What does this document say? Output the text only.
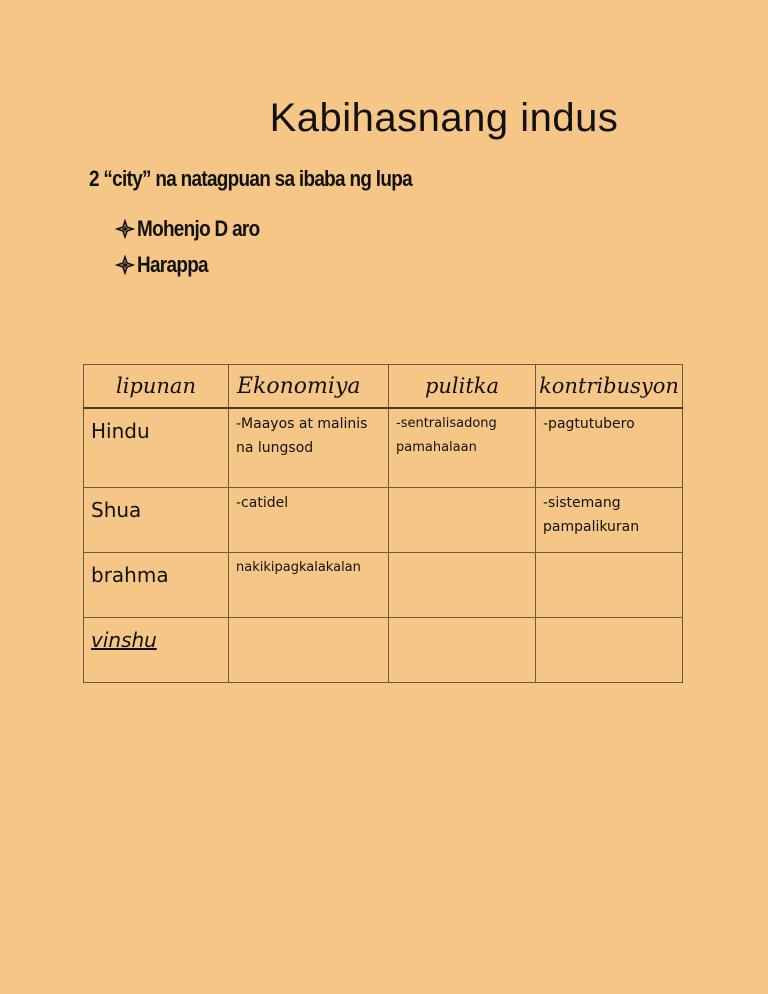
Kabihasnang indus
2 “city” na natagpuan sa ibaba ng lupa
Mohenjo D aro
Harappa
lipunan	Ekonomiya	pulitka	kontribusyon
Hindu	-Maayos at malinis na lungsod	-sentralisadong pamahalaan	-pagtutubero
Shua	-catidel		-sistemang pampalikuran
brahma	nakikipagkalakalan		
vinshu			
